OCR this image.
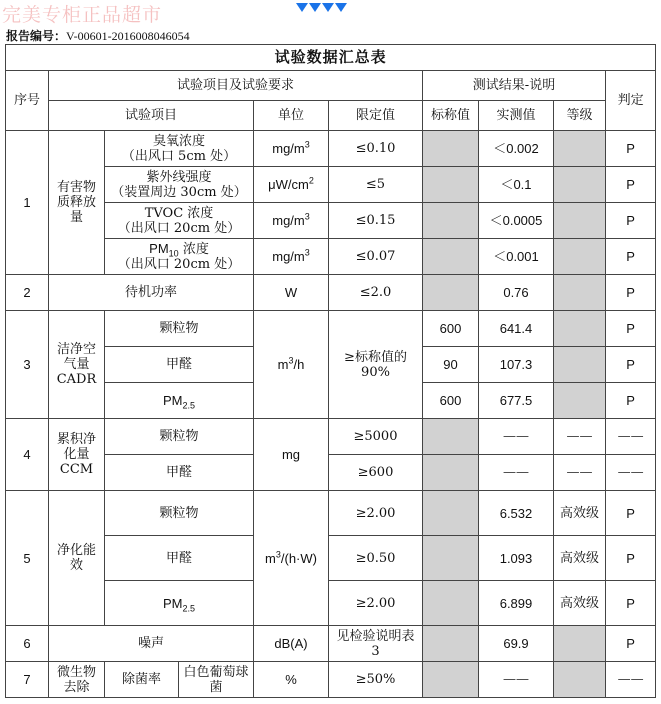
完美专柜正品超市
报告编号：V-00601-2016008046054
试验数据汇总表									
序号	试验项目及试验要求					测试结果-说明			判定
	试验项目			单位	限定值	标称值	实测值	等级	
1	有害物质释放量	臭氧浓度
（出风口 5cm 处）		$mg/m^3$	≤0.10		＜0.002		P

		紫外线强度
（装置周边 30cm 处）		$\mu W/cm^2$	≤5		＜0.1		P

		TVOC 浓度
（出风口 20cm 处）		$mg/m^3$	≤0.15		＜0.0005		P

		$PM_{10}$ 浓度
（出风口 20cm 处）		$mg/m^3$	≤0.07		＜0.001		P
2	待机功率			W	≤2.0		0.76		P
3	洁净空气量 CADR	颗粒物		$m^3/h$	≥标称值的 90%	600	641.4		P
		甲醛				90	107.3		P
		$PM_{2.5}$				600	677.5		P
4	累积净化量 CCM	颗粒物		mg	≥5000		——	——	——
		甲醛			≥600		——	——	——
5	净化能效	颗粒物		$m^3/(h\cdot W)$	≥2.00		6.532	高效级	P
		甲醛			≥0.50		1.093	高效级	P
		$PM_{2.5}$			≥2.00		6.899	高效级	P
6	噪声			dB(A)	见检验说明表 3		69.9		P
7	微生物去除	除菌率	白色葡萄球菌	%	≥50%		——		——
